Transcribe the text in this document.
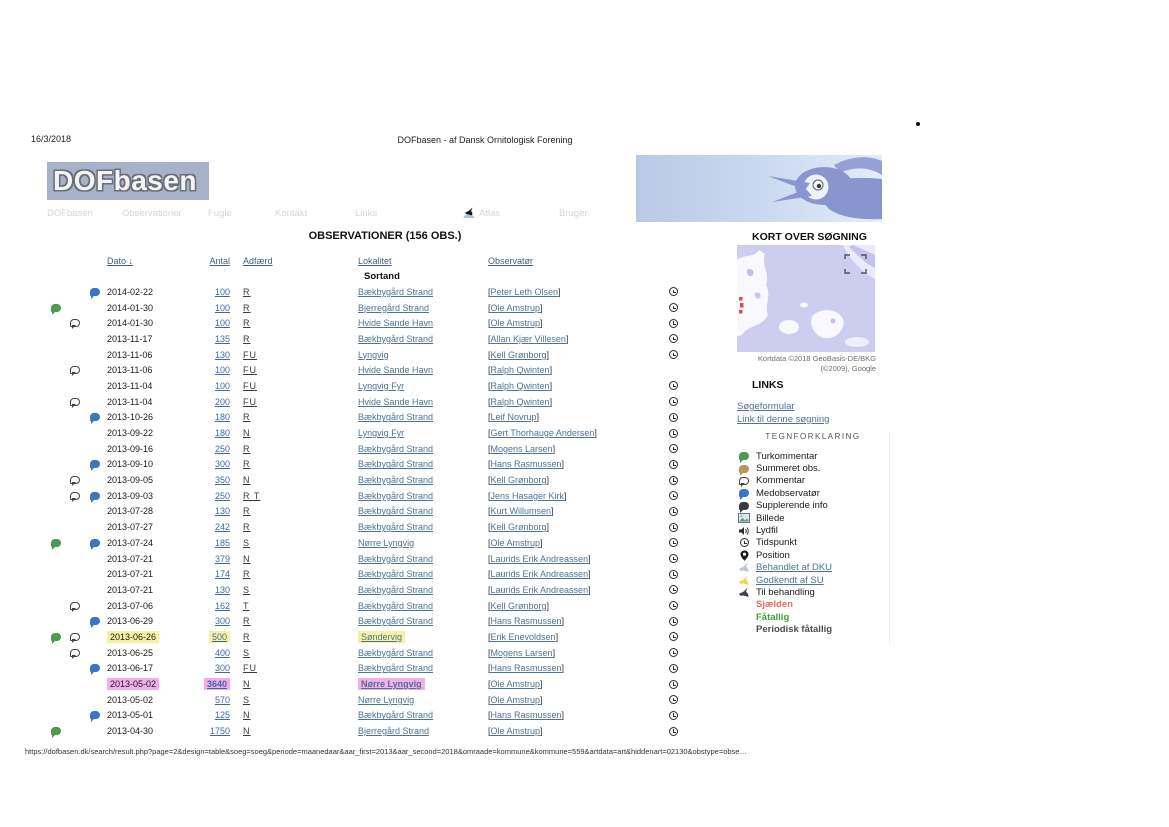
16/3/2018	DOFbasen - af Dansk Ornitologisk Forening
DOFbasen
DOFbasen	Observationer	Fugle	Kontakt	Links	Atlas	Bruger
OBSERVATIONER (156 OBS.)
Dato ↓	Antal	Adfærd	Lokalitet	Observatør
Sortand
2014-02-22	100	R	Bækbygård Strand	[Peter Leth Olsen]
2014-01-30	100	R	Bjerregård Strand	[Ole Amstrup]
2014-01-30	100	R	Hvide Sande Havn	[Ole Amstrup]
2013-11-17	135	R	Bækbygård Strand	[Allan Kjær Villesen]
2013-11-06	130	FU	Lyngvig	[Kell Grønborg]
2013-11-06	100	FU	Hvide Sande Havn	[Ralph Qwinten]
2013-11-04	100	FU	Lyngvig Fyr	[Ralph Qwinten]
2013-11-04	200	FU	Hvide Sande Havn	[Ralph Qwinten]
2013-10-26	180	R	Bækbygård Strand	[Leif Novrup]
2013-09-22	180	N	Lyngvig Fyr	[Gert Thorhauge Andersen]
2013-09-16	250	R	Bækbygård Strand	[Mogens Larsen]
2013-09-10	300	R	Bækbygård Strand	[Hans Rasmussen]
2013-09-05	350	N	Bækbygård Strand	[Kell Grønborg]
2013-09-03	250	R T	Bækbygård Strand	[Jens Hasager Kirk]
2013-07-28	130	R	Bækbygård Strand	[Kurt Willumsen]
2013-07-27	242	R	Bækbygård Strand	[Kell Grønborg]
2013-07-24	185	S	Nørre Lyngvig	[Ole Amstrup]
2013-07-21	379	N	Bækbygård Strand	[Laurids Erik Andreassen]
2013-07-21	174	R	Bækbygård Strand	[Laurids Erik Andreassen]
2013-07-21	130	S	Bækbygård Strand	[Laurids Erik Andreassen]
2013-07-06	162	T	Bækbygård Strand	[Kell Grønborg]
2013-06-29	300	R	Bækbygård Strand	[Hans Rasmussen]
2013-06-26	500	R	Søndervig	[Erik Enevoldsen]
2013-06-25	400	S	Bækbygård Strand	[Mogens Larsen]
2013-06-17	300	FU	Bækbygård Strand	[Hans Rasmussen]
2013-05-02	3640	N	Nørre Lyngvig	[Ole Amstrup]
2013-05-02	570	S	Nørre Lyngvig	[Ole Amstrup]
2013-05-01	125	N	Bækbygård Strand	[Hans Rasmussen]
2013-04-30	1750	N	Bjerregård Strand	[Ole Amstrup]
KORT OVER SØGNING
Kortdata ©2018 GeoBasis-DE/BKG
(©2009), Google
LINKS
Søgeformular
Link til denne søgning
TEGNFORKLARING
Turkommentar
Summeret obs.
Kommentar
Medobservatør
Supplerende info
Billede
Lydfil
Tidspunkt
Position
Behandlet af DKU
Godkendt af SU
Til behandling
Sjælden
Fåtallig
Periodisk fåtallig
https://dofbasen.dk/search/result.php?page=2&design=table&soeg=soeg&periode=maanedaar&aar_first=2013&aar_second=2018&omraade=kommune&kommune=559&artdata=art&hiddenart=02130&obstype=obse…
